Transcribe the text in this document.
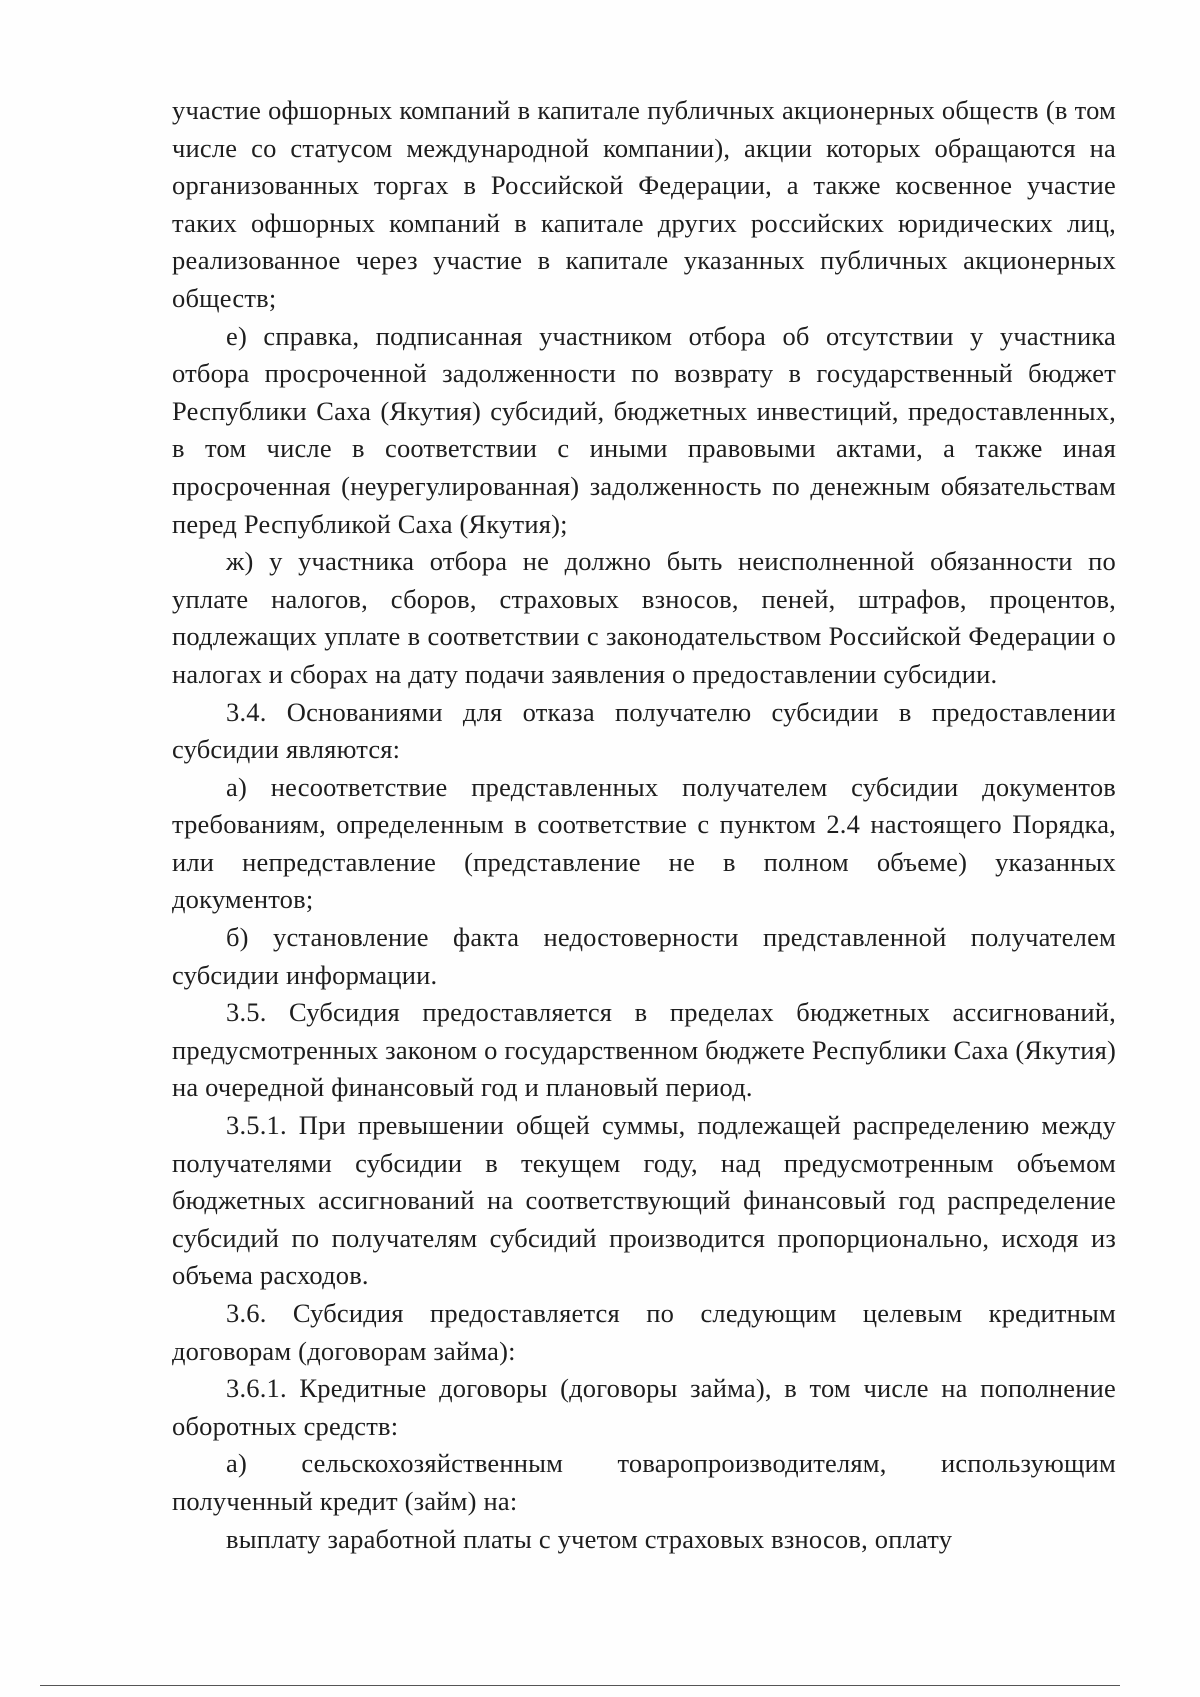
участие офшорных компаний в капитале публичных акционерных обществ (в том числе со статусом международной компании), акции которых обращаются на организованных торгах в Российской Федерации, а также косвенное участие таких офшорных компаний в капитале других российских юридических лиц, реализованное через участие в капитале указанных публичных акционерных обществ;

е) справка, подписанная участником отбора об отсутствии у участника отбора просроченной задолженности по возврату в государственный бюджет Республики Саха (Якутия) субсидий, бюджетных инвестиций, предоставленных, в том числе в соответствии с иными правовыми актами, а также иная просроченная (неурегулированная) задолженность по денежным обязательствам перед Республикой Саха (Якутия);

ж) у участника отбора не должно быть неисполненной обязанности по уплате налогов, сборов, страховых взносов, пеней, штрафов, процентов, подлежащих уплате в соответствии с законодательством Российской Федерации о налогах и сборах на дату подачи заявления о предоставлении субсидии.

3.4. Основаниями для отказа получателю субсидии в предоставлении субсидии являются:

а) несоответствие представленных получателем субсидии документов требованиям, определенным в соответствие с пунктом 2.4 настоящего Порядка, или непредставление (представление не в полном объеме) указанных документов;

б) установление факта недостоверности представленной получателем субсидии информации.

3.5. Субсидия предоставляется в пределах бюджетных ассигнований, предусмотренных законом о государственном бюджете Республики Саха (Якутия) на очередной финансовый год и плановый период.

3.5.1. При превышении общей суммы, подлежащей распределению между получателями субсидии в текущем году, над предусмотренным объемом бюджетных ассигнований на соответствующий финансовый год распределение субсидий по получателям субсидий производится пропорционально, исходя из объема расходов.

3.6. Субсидия предоставляется по следующим целевым кредитным договорам (договорам займа):

3.6.1. Кредитные договоры (договоры займа), в том числе на пополнение оборотных средств:

а) сельскохозяйственным товаропроизводителям, использующим полученный кредит (займ) на:

выплату заработной платы с учетом страховых взносов, оплату
